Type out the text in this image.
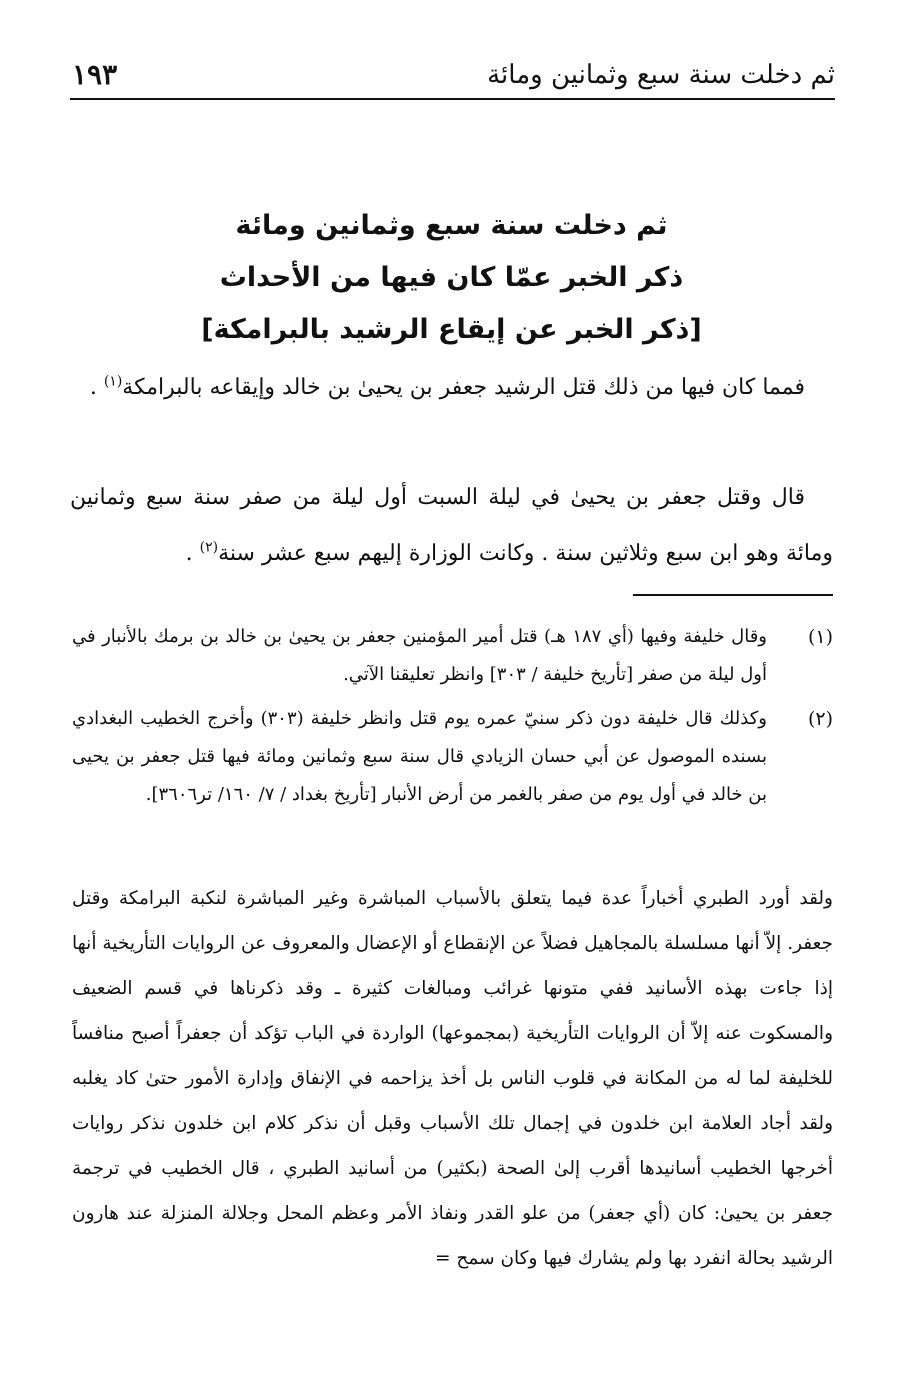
ثم دخلت سنة سبع وثمانين ومائة
١٩٣
ثم دخلت سنة سبع وثمانين ومائة
ذكر الخبر عمّا كان فيها من الأحداث
[ذكر الخبر عن إيقاع الرشيد بالبرامكة]

فمما كان فيها من ذلك قتل الرشيد جعفر بن يحيىٰ بن خالد وإيقاعه بالبرامكة$^{(١)}$ .

قال وقتل جعفر بن يحيىٰ في ليلة السبت أول ليلة من صفر سنة سبع وثمانين ومائة وهو ابن سبع وثلاثين سنة . وكانت الوزارة إليهم سبع عشر سنة$^{(٢)}$ .

(١)
وقال خليفة وفيها (أي ١٨٧ هـ) قتل أمير المؤمنين جعفر بن يحيىٰ بن خالد بن برمك بالأنبار في أول ليلة من صفر [تأريخ خليفة / ٣٠٣] وانظر تعليقنا الآتي.
(٢)
وكذلك قال خليفة دون ذكر سنيّ عمره يوم قتل وانظر خليفة (٣٠٣) وأخرج الخطيب البغدادي بسنده الموصول عن أبي حسان الزيادي قال سنة سبع وثمانين ومائة فيها قتل جعفر بن يحيى بن خالد في أول يوم من صفر بالغمر من أرض الأنبار [تأريخ بغداد / ٧/ ١٦٠/ تر٣٦٠٦].
ولقد أورد الطبري أخباراً عدة فيما يتعلق بالأسباب المباشرة وغير المباشرة لنكبة البرامكة وقتل جعفر. إلاّ أنها مسلسلة بالمجاهيل فضلاً عن الإنقطاع أو الإعضال والمعروف عن الروايات التأريخية أنها إذا جاءت بهذه الأسانيد ففي متونها غرائب ومبالغات كثيرة ـ وقد ذكرناها في قسم الضعيف والمسكوت عنه إلاّ أن الروايات التأريخية (بمجموعها) الواردة في الباب تؤكد أن جعفراً أصبح منافساً للخليفة لما له من المكانة في قلوب الناس بل أخذ يزاحمه في الإنفاق وإدارة الأمور حتىٰ كاد يغلبه ولقد أجاد العلامة ابن خلدون في إجمال تلك الأسباب وقبل أن نذكر كلام ابن خلدون نذكر روايات أخرجها الخطيب أسانيدها أقرب إلىٰ الصحة (بكثير) من أسانيد الطبري ، قال الخطيب في ترجمة جعفر بن يحيىٰ: كان (أي جعفر) من علو القدر ونفاذ الأمر وعظم المحل وجلالة المنزلة عند هارون الرشيد بحالة انفرد بها ولم يشارك فيها وكان سمح =
